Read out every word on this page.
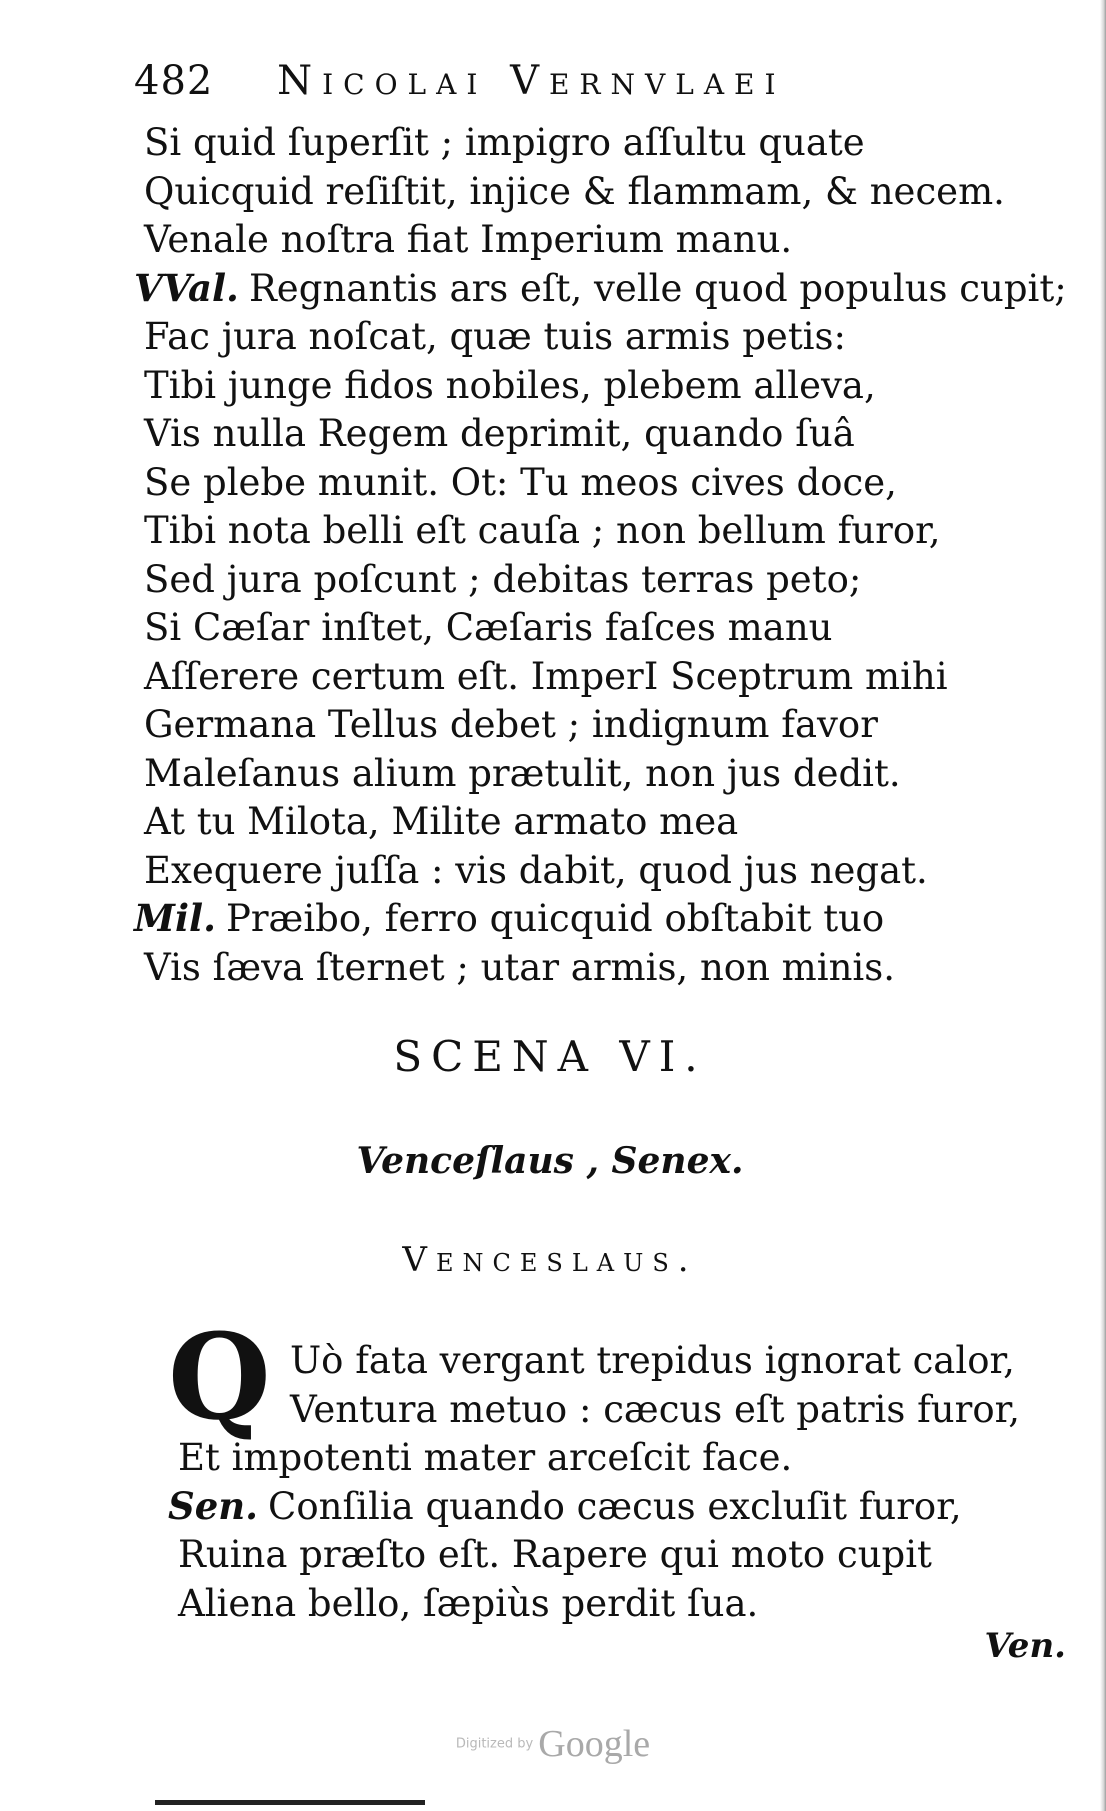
482 Nicolai Vernvlaei
Si quid ſuperſit ; impigro aſſultu quate
Quicquid reſiſtit, injice & flammam, & necem.
Venale noſtra fiat Imperium manu.
VVal. Regnantis ars eſt, velle quod populus cupit;
Fac jura noſcat, quæ tuis armis petis:
Tibi junge fidos nobiles, plebem alleva,
Vis nulla Regem deprimit, quando ſuâ
Se plebe munit. Ot: Tu meos cives doce,
Tibi nota belli eſt cauſa ; non bellum furor,
Sed jura poſcunt ; debitas terras peto;
Si Cæſar inſtet, Cæſaris faſces manu
Aſſerere certum eſt. ImperI Sceptrum mihi
Germana Tellus debet ; indignum favor
Maleſanus alium prætulit, non jus dedit.
At tu Milota, Milite armato mea
Exequere juſſa : vis dabit, quod jus negat.
Mil. Præibo, ferro quicquid obſtabit tuo
Vis ſæva ſternet ; utar armis, non minis.
SCENA VI.
Venceſlaus , Senex.
Venceslaus.
Q Uò fata vergant trepidus ignorat calor,
Ventura metuo : cæcus eſt patris furor,
Et impotenti mater arceſcit face.
Sen. Conſilia quando cæcus excluſit furor,
Ruina præſto eſt. Rapere qui moto cupit
Aliena bello, ſæpiùs perdit ſua.
Ven.
Digitized by Google
